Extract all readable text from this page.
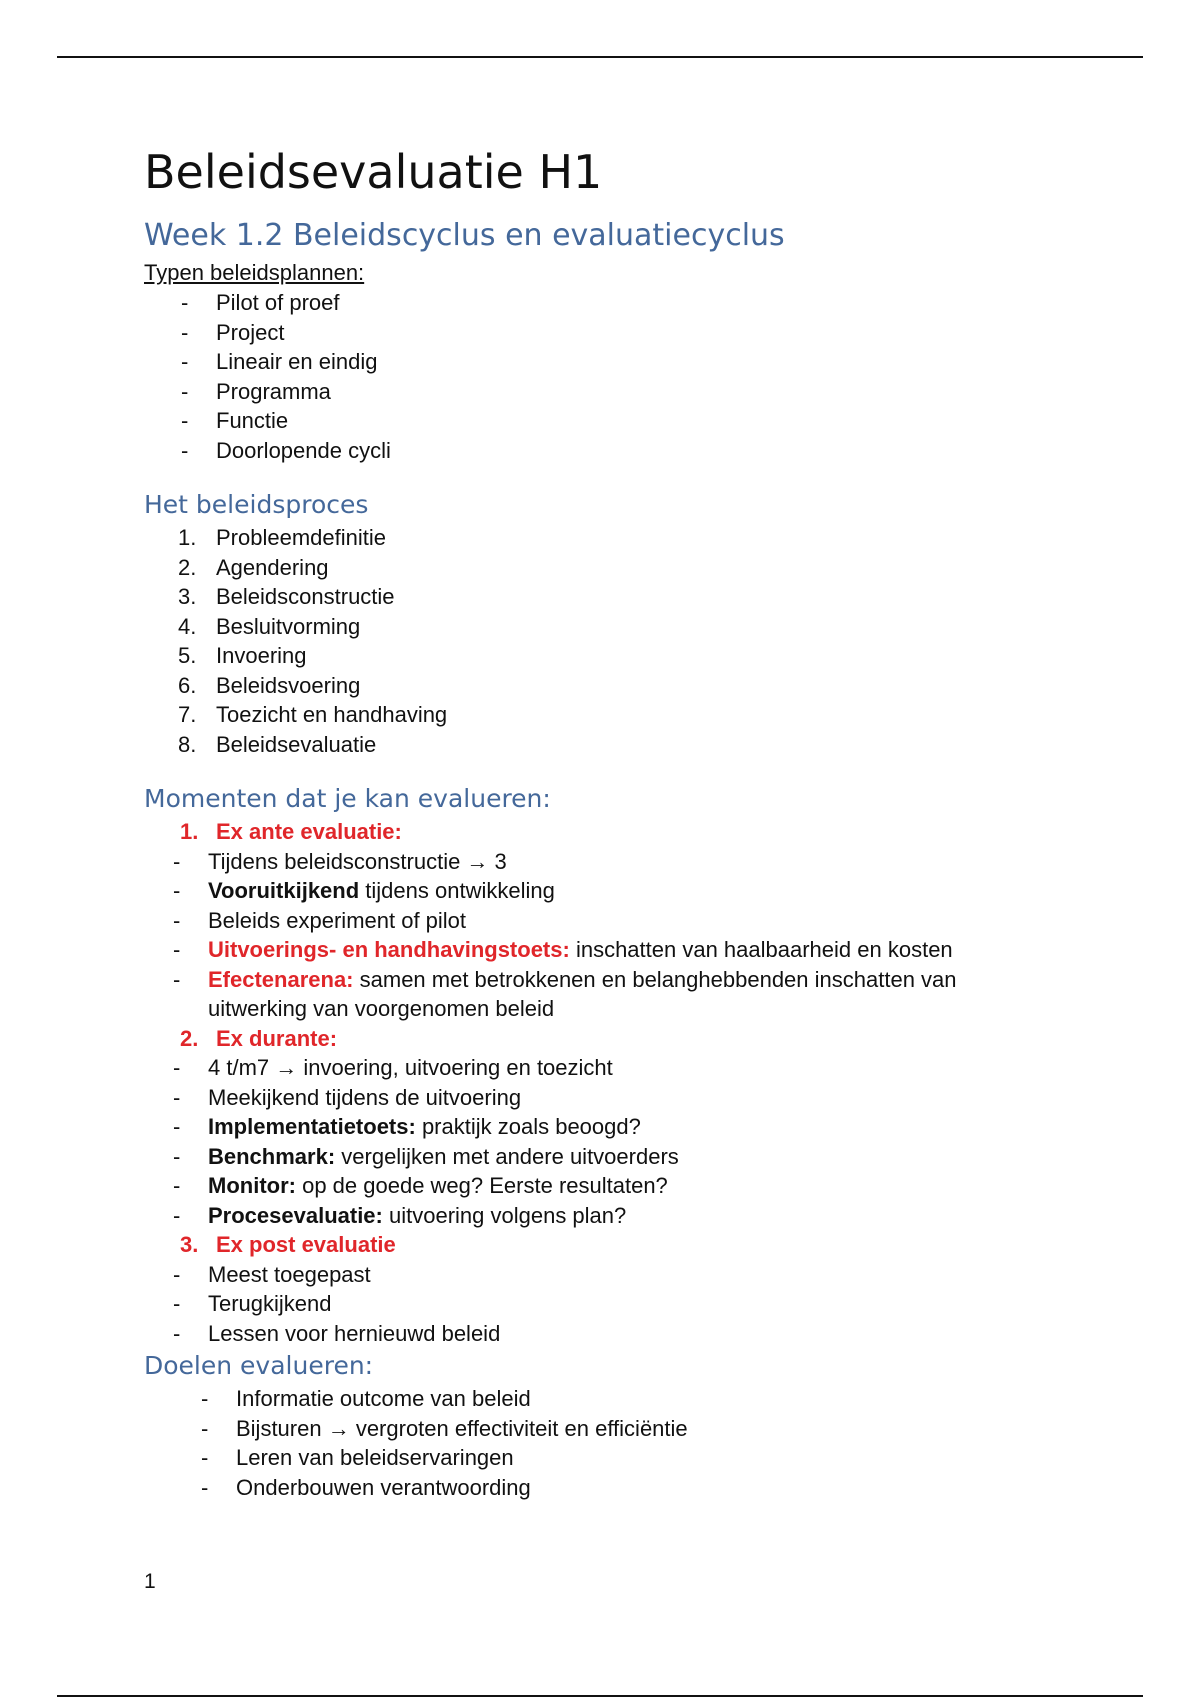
Beleidsevaluatie H1
Week 1.2 Beleidscyclus en evaluatiecyclus

Typen beleidsplannen:

- Pilot of proef
- Project
- Lineair en eindig
- Programma
- Functie
- Doorlopende cycli
Het beleidsproces
1. Probleemdefinitie
2. Agendering
3. Beleidsconstructie
4. Besluitvorming
5. Invoering
6. Beleidsvoering
7. Toezicht en handhaving
8. Beleidsevaluatie
Momenten dat je kan evalueren:
1. Ex ante evaluatie:
- Tijdens beleidsconstructie → 3
- Vooruitkijkend tijdens ontwikkeling
- Beleids experiment of pilot
- Uitvoerings- en handhavingstoets: inschatten van haalbaarheid en kosten
- Efectenarena: samen met betrokkenen en belanghebbenden inschatten van uitwerking van voorgenomen beleid
2. Ex durante:
- 4 t/m7 → invoering, uitvoering en toezicht
- Meekijkend tijdens de uitvoering
- Implementatietoets: praktijk zoals beoogd?
- Benchmark: vergelijken met andere uitvoerders
- Monitor: op de goede weg? Eerste resultaten?
- Procesevaluatie: uitvoering volgens plan?
3. Ex post evaluatie
- Meest toegepast
- Terugkijkend
- Lessen voor hernieuwd beleid
Doelen evalueren:
- Informatie outcome van beleid
- Bijsturen → vergroten effectiviteit en efficiëntie
- Leren van beleidservaringen
- Onderbouwen verantwoording
1
